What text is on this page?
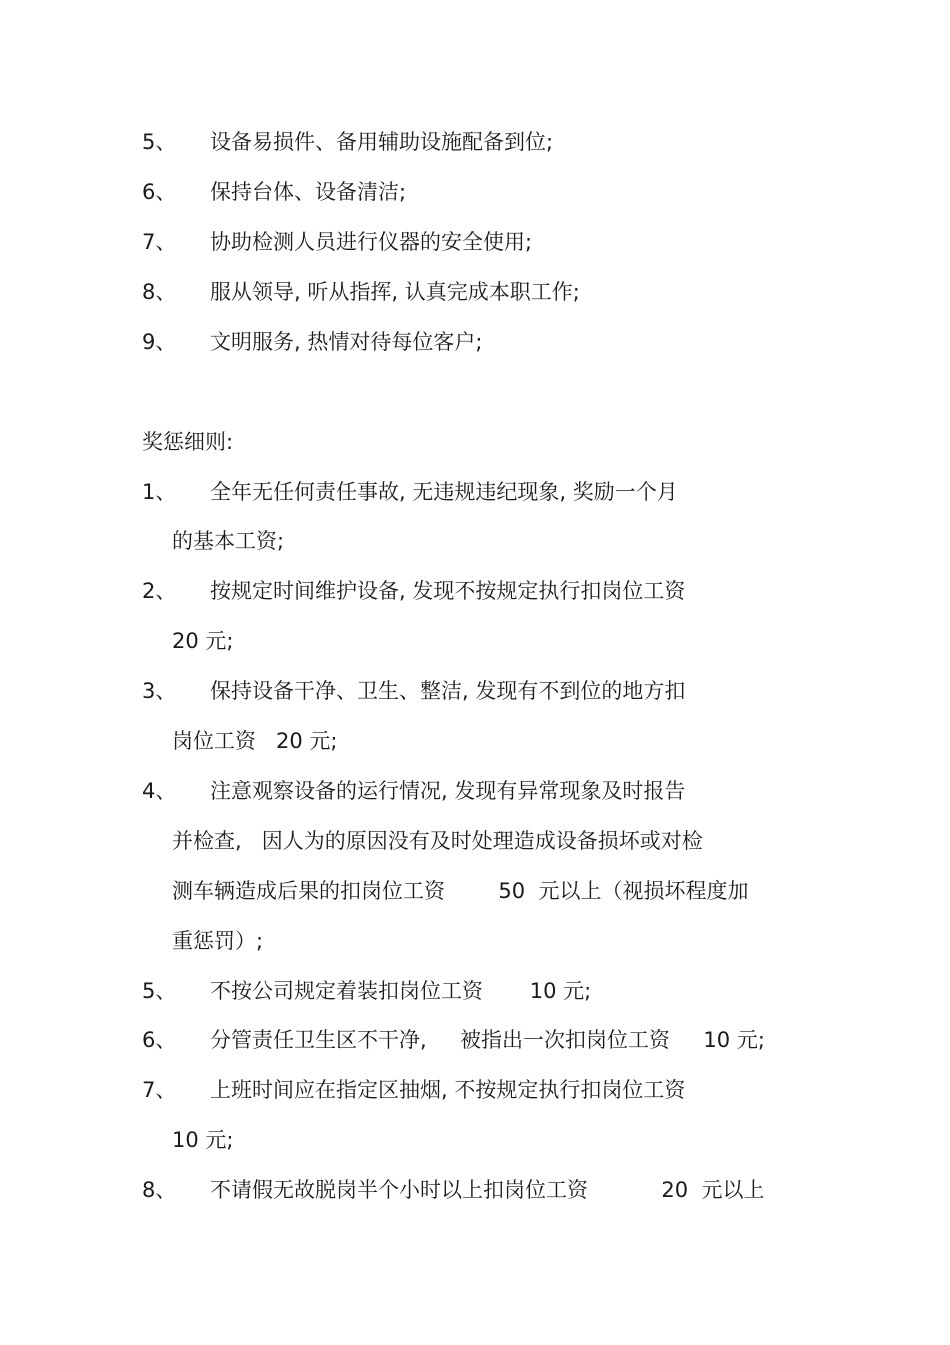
5、 设备易损件、备用辅助设施配备到位;
6、 保持台体、设备清洁;
7、 协助检测人员进行仪器的安全使用;
8、 服从领导, 听从指挥, 认真完成本职工作;
9、 文明服务, 热情对待每位客户;
奖惩细则:
1、 全年无任何责任事故, 无违规违纪现象, 奖励一个月
的基本工资;
2、 按规定时间维护设备, 发现不按规定执行扣岗位工资
20 元;
3、 保持设备干净、卫生、整洁, 发现有不到位的地方扣
岗位工资   20 元;
4、 注意观察设备的运行情况, 发现有异常现象及时报告
并检查,   因人为的原因没有及时处理造成设备损坏或对检
测车辆造成后果的扣岗位工资        50  元以上（视损坏程度加
重惩罚）;
5、 不按公司规定着装扣岗位工资       10 元;
6、 分管责任卫生区不干净,     被指出一次扣岗位工资     10 元;
7、 上班时间应在指定区抽烟, 不按规定执行扣岗位工资
10 元;
8、 不请假无故脱岗半个小时以上扣岗位工资           20  元以上
